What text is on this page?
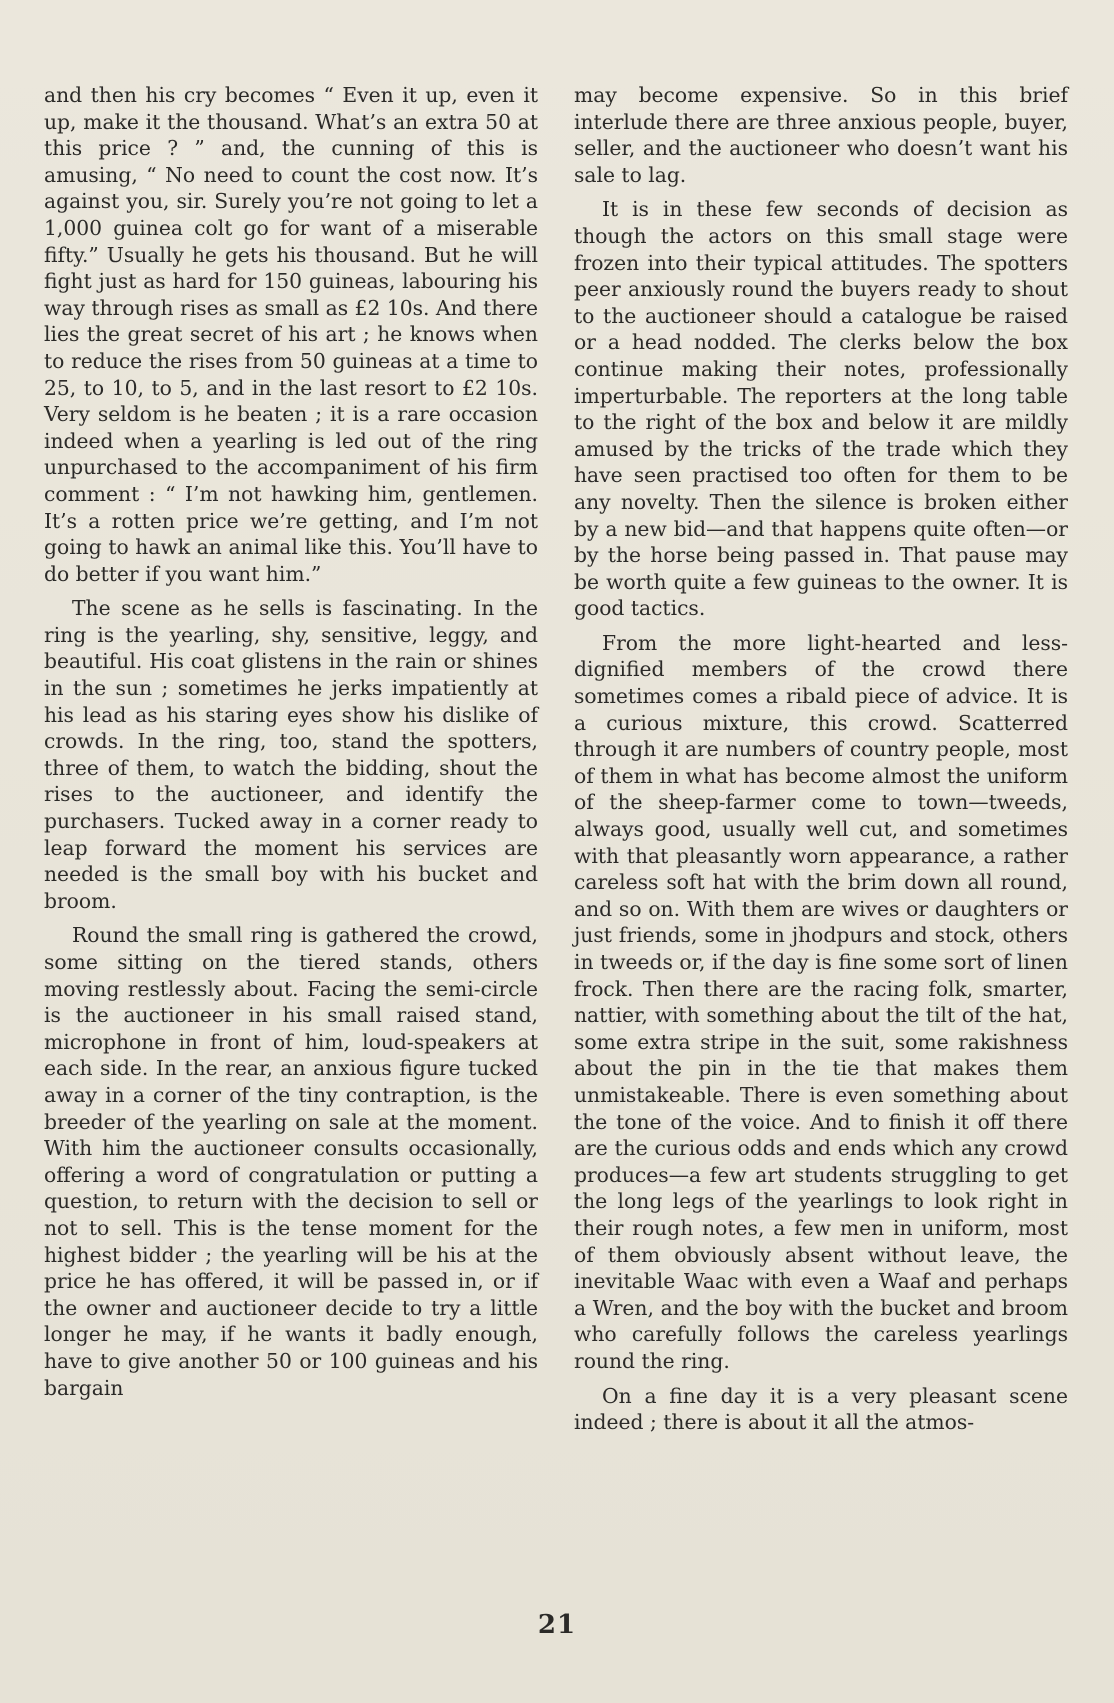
and then his cry becomes “ Even it up, even it up, make it the thousand. What’s an extra 50 at this price ? ” and, the cunning of this is amusing, “ No need to count the cost now. It’s against you, sir. Surely you’re not going to let a 1,000 guinea colt go for want of a miserable fifty.” Usually he gets his thousand. But he will fight just as hard for 150 guineas, labouring his way through rises as small as £2 10s. And there lies the great secret of his art ; he knows when to reduce the rises from 50 guineas at a time to 25, to 10, to 5, and in the last resort to £2 10s. Very seldom is he beaten ; it is a rare occasion indeed when a yearling is led out of the ring unpurchased to the accompaniment of his firm comment : “ I’m not hawking him, gentlemen. It’s a rotten price we’re getting, and I’m not going to hawk an animal like this. You’ll have to do better if you want him.”

The scene as he sells is fascinating. In the ring is the yearling, shy, sensitive, leggy, and beautiful. His coat glistens in the rain or shines in the sun ; sometimes he jerks impatiently at his lead as his staring eyes show his dislike of crowds. In the ring, too, stand the spotters, three of them, to watch the bidding, shout the rises to the auctioneer, and identify the purchasers. Tucked away in a corner ready to leap forward the moment his services are needed is the small boy with his bucket and broom.

Round the small ring is gathered the crowd, some sitting on the tiered stands, others moving restlessly about. Facing the semi-circle is the auctioneer in his small raised stand, microphone in front of him, loud-speakers at each side. In the rear, an anxious figure tucked away in a corner of the tiny contraption, is the breeder of the yearling on sale at the moment. With him the auctioneer consults occasionally, offering a word of congratulation or putting a question, to return with the decision to sell or not to sell. This is the tense moment for the highest bidder ; the yearling will be his at the price he has offered, it will be passed in, or if the owner and auctioneer decide to try a little longer he may, if he wants it badly enough, have to give another 50 or 100 guineas and his bargain

may become expensive. So in this brief interlude there are three anxious people, buyer, seller, and the auctioneer who doesn’t want his sale to lag.

It is in these few seconds of decision as though the actors on this small stage were frozen into their typical attitudes. The spotters peer anxiously round the buyers ready to shout to the auctioneer should a catalogue be raised or a head nodded. The clerks below the box continue making their notes, professionally imperturbable. The reporters at the long table to the right of the box and below it are mildly amused by the tricks of the trade which they have seen practised too often for them to be any novelty. Then the silence is broken either by a new bid—and that happens quite often—or by the horse being passed in. That pause may be worth quite a few guineas to the owner. It is good tactics.

From the more light-hearted and less-dignified members of the crowd there sometimes comes a ribald piece of advice. It is a curious mixture, this crowd. Scatterred through it are numbers of country people, most of them in what has become almost the uniform of the sheep-farmer come to town—tweeds, always good, usually well cut, and sometimes with that pleasantly worn appearance, a rather careless soft hat with the brim down all round, and so on. With them are wives or daughters or just friends, some in jhodpurs and stock, others in tweeds or, if the day is fine some sort of linen frock. Then there are the racing folk, smarter, nattier, with something about the tilt of the hat, some extra stripe in the suit, some rakishness about the pin in the tie that makes them unmistakeable. There is even something about the tone of the voice. And to finish it off there are the curious odds and ends which any crowd produces—a few art students struggling to get the long legs of the yearlings to look right in their rough notes, a few men in uniform, most of them obviously absent without leave, the inevitable Waac with even a Waaf and perhaps a Wren, and the boy with the bucket and broom who carefully follows the careless yearlings round the ring.

On a fine day it is a very pleasant scene indeed ; there is about it all the atmos-

21
